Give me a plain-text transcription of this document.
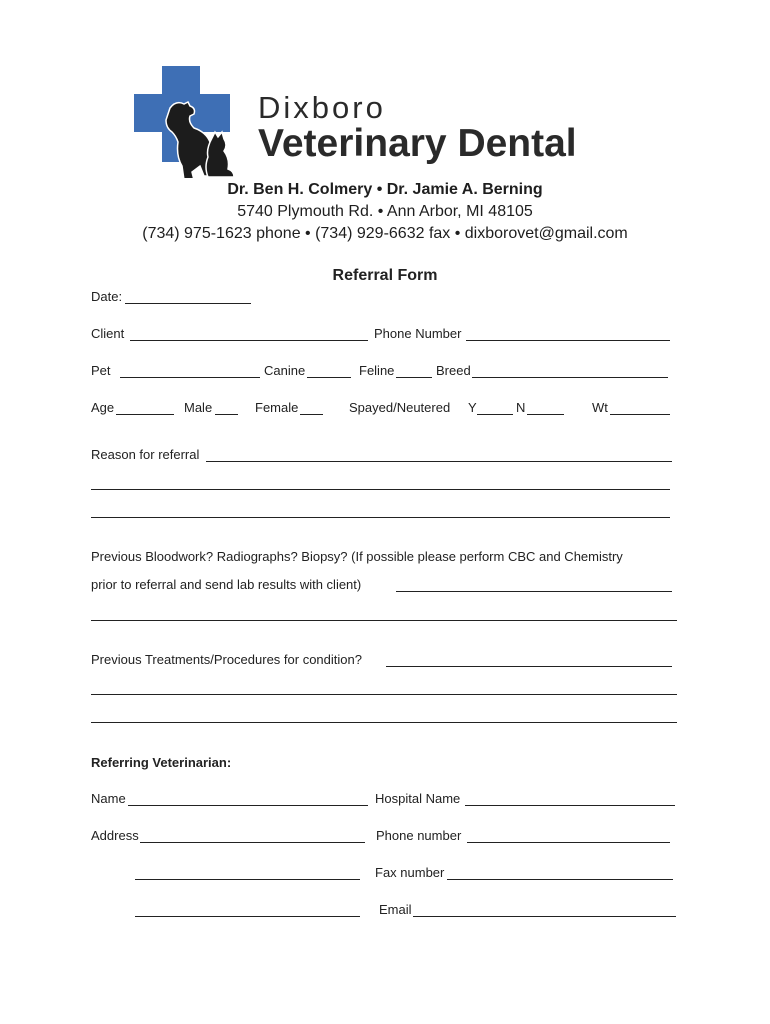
Dixboro
Veterinary Dental
Dr. Ben H. Colmery • Dr. Jamie A. Berning
5740 Plymouth Rd. • Ann Arbor, MI 48105
(734) 975-1623 phone • (734) 929-6632 fax • dixborovet@gmail.com
Referral Form
Date:
Client	Phone Number
Pet	Canine	Feline	Breed
Age	Male	Female	Spayed/Neutered Y	N	Wt
Reason for referral
Previous Bloodwork? Radiographs? Biopsy? (If possible please perform CBC and Chemistry
prior to referral and send lab results with client)
Previous Treatments/Procedures for condition?
Referring Veterinarian:
Name	Hospital Name
Address	Phone number
Fax number
Email
